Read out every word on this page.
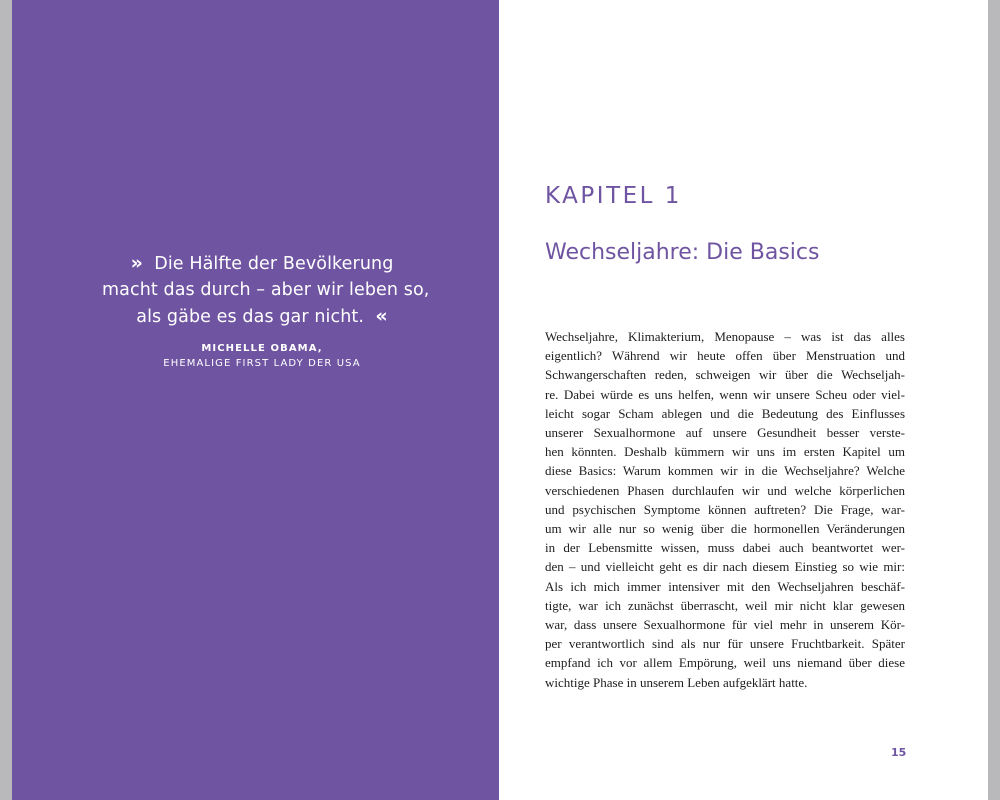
» Die Hälfte der Bevölkerung
macht das durch – aber wir leben so,
als gäbe es das gar nicht. «
MICHELLE OBAMA,
EHEMALIGE FIRST LADY DER USA
KAPITEL 1
Wechseljahre: Die Basics
Wechseljahre, Klimakterium, Menopause – was ist das alles
eigentlich? Während wir heute offen über Menstruation und
Schwangerschaften reden, schweigen wir über die Wechseljah-
re. Dabei würde es uns helfen, wenn wir unsere Scheu oder viel-
leicht sogar Scham ablegen und die Bedeutung des Einflusses
unserer Sexualhormone auf unsere Gesundheit besser verste-
hen könnten. Deshalb kümmern wir uns im ersten Kapitel um
diese Basics: Warum kommen wir in die Wechseljahre? Welche
verschiedenen Phasen durchlaufen wir und welche körperlichen
und psychischen Symptome können auftreten? Die Frage, war-
um wir alle nur so wenig über die hormonellen Veränderungen
in der Lebensmitte wissen, muss dabei auch beantwortet wer-
den – und vielleicht geht es dir nach diesem Einstieg so wie mir:
Als ich mich immer intensiver mit den Wechseljahren beschäf-
tigte, war ich zunächst überrascht, weil mir nicht klar gewesen
war, dass unsere Sexualhormone für viel mehr in unserem Kör-
per verantwortlich sind als nur für unsere Fruchtbarkeit. Später
empfand ich vor allem Empörung, weil uns niemand über diese
wichtige Phase in unserem Leben aufgeklärt hatte.
15
